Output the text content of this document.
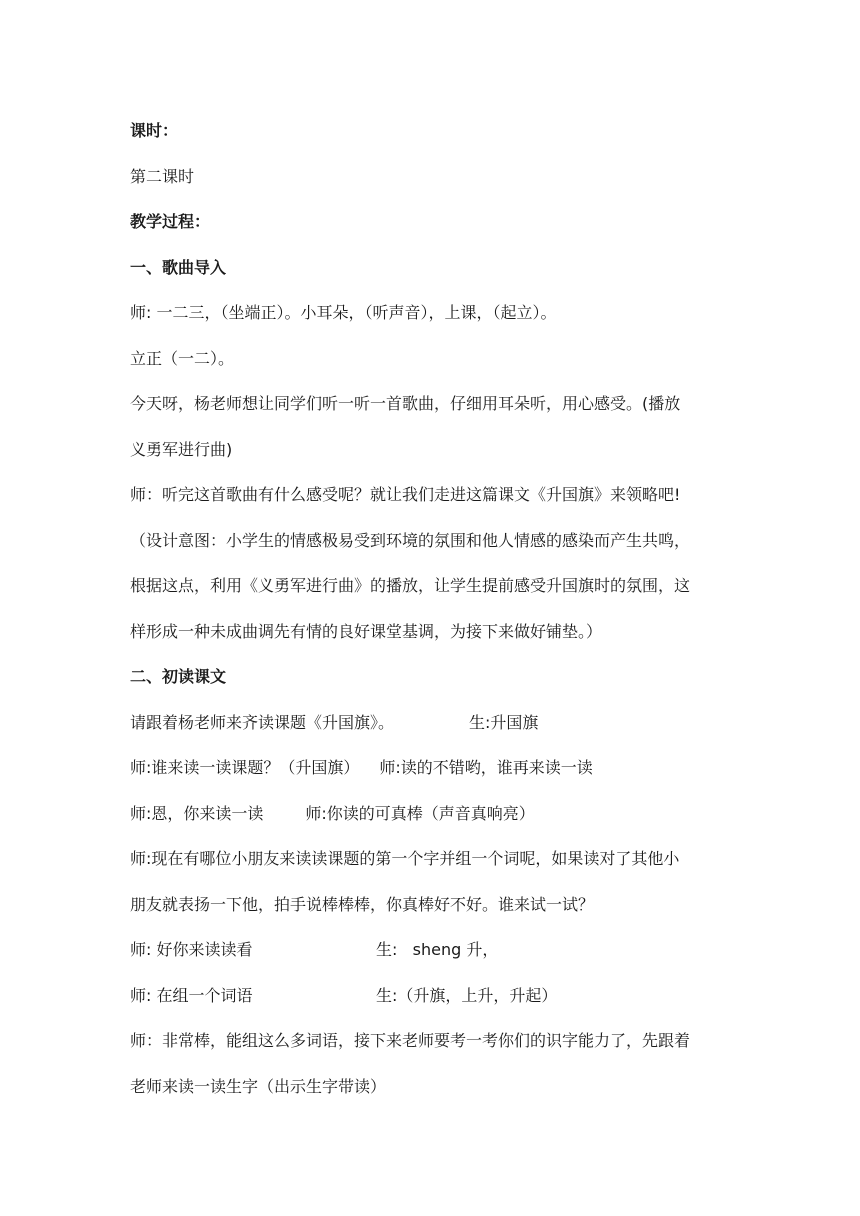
课时：
第二课时
教学过程：
一、歌曲导入
师: 一二三，（坐端正）。小耳朵，（听声音），上课，（起立）。
立正（一二）。
今天呀，杨老师想让同学们听一听一首歌曲，仔细用耳朵听，用心感受。(播放
义勇军进行曲)
师：听完这首歌曲有什么感受呢？就让我们走进这篇课文《升国旗》来领略吧!
（设计意图：小学生的情感极易受到环境的氛围和他人情感的感染而产生共鸣，
根据这点，利用《义勇军进行曲》的播放，让学生提前感受升国旗时的氛围，这
样形成一种未成曲调先有情的良好课堂基调，为接下来做好铺垫。）
二、初读课文
请跟着杨老师来齐读课题《升国旗》。	生:升国旗
师:谁来读一读课题？（升国旗） 师:读的不错哟，谁再来读一读
师:恩，你来读一读	师:你读的可真棒（声音真响亮）
师:现在有哪位小朋友来读读课题的第一个字并组一个词呢，如果读对了其他小
朋友就表扬一下他，拍手说棒棒棒，你真棒好不好。谁来试一试？
师: 好你来读读看	生:   sheng 升，
师: 在组一个词语	生:（升旗，上升，升起）
师：非常棒，能组这么多词语，接下来老师要考一考你们的识字能力了，先跟着
老师来读一读生字（出示生字带读）
